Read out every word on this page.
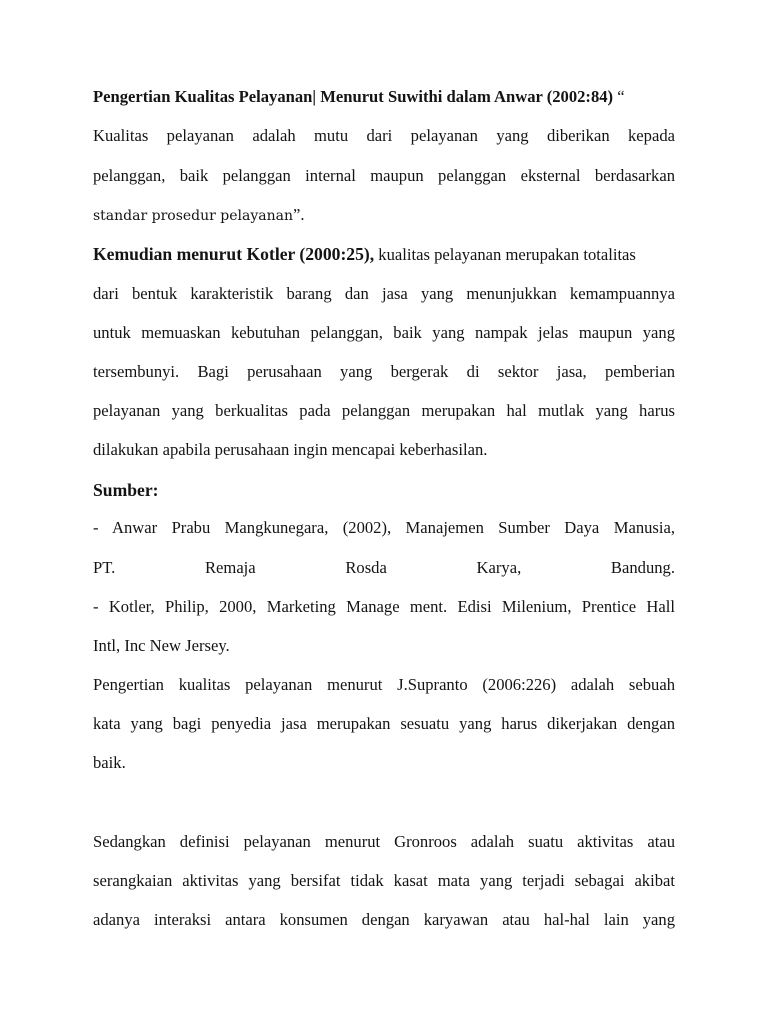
Pengertian Kualitas Pelayanan| Menurut Suwithi dalam Anwar (2002:84) “
Kualitas pelayanan adalah mutu dari pelayanan yang diberikan kepada
pelanggan, baik pelanggan internal maupun pelanggan eksternal berdasarkan
standar prosedur pelayanan”.
Kemudian menurut Kotler (2000:25), kualitas pelayanan merupakan totalitas
dari bentuk karakteristik barang dan jasa yang menunjukkan kemampuannya
untuk memuaskan kebutuhan pelanggan, baik yang nampak jelas maupun yang
tersembunyi. Bagi perusahaan yang bergerak di sektor jasa, pemberian
pelayanan yang berkualitas pada pelanggan merupakan hal mutlak yang harus
dilakukan apabila perusahaan ingin mencapai keberhasilan.
Sumber:
- Anwar Prabu Mangkunegara, (2002), Manajemen Sumber Daya Manusia,
PT. Remaja Rosda Karya, Bandung.
- Kotler, Philip, 2000, Marketing Manage ment. Edisi Milenium, Prentice Hall
Intl, Inc New Jersey.
Pengertian kualitas pelayanan menurut J.Supranto (2006:226) adalah sebuah
kata yang bagi penyedia jasa merupakan sesuatu yang harus dikerjakan dengan
baik.
Sedangkan definisi pelayanan menurut Gronroos adalah suatu aktivitas atau
serangkaian aktivitas yang bersifat tidak kasat mata yang terjadi sebagai akibat
adanya interaksi antara konsumen dengan karyawan atau hal-hal lain yang
